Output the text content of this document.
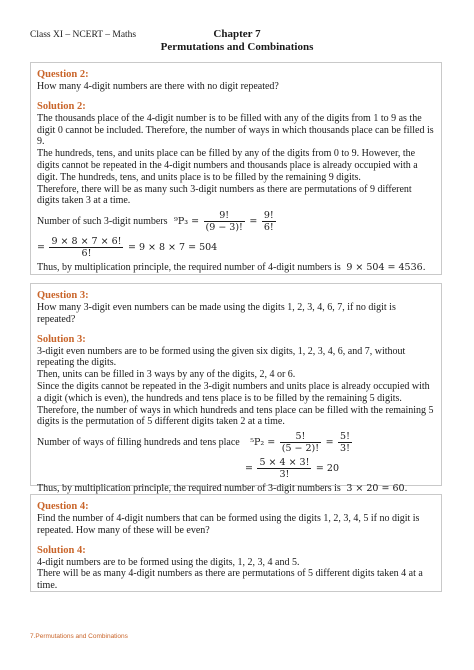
Class XI – NCERT – Maths	Chapter 7
Permutations and Combinations
Question 2:

How many 4-digit numbers are there with no digit repeated?

Solution 2:

The thousands place of the 4-digit number is to be filled with any of the digits from 1 to 9 as the digit 0 cannot be included. Therefore, the number of ways in which thousands place can be filled is 9.

The hundreds, tens, and units place can be filled by any of the digits from 0 to 9. However, the digits cannot be repeated in the 4-digit numbers and thousands place is already occupied with a digit. The hundreds, tens, and units place is to be filled by the remaining 9 digits.

Therefore, there will be as many such 3-digit numbers as there are permutations of 9 different digits taken 3 at a time.

Number of such 3-digit numbers $^9P_3 = \frac{9!}{(9 - 3)!} = \frac{9!}{6!}$
= $\frac{9 \times 8 \times 7 \times 6!}{6!} = 9 \times 8 \times 7 = 504$

Thus, by multiplication principle, the required number of 4-digit numbers is 9 × 504 = 4536.

Question 3:

How many 3-digit even numbers can be made using the digits 1, 2, 3, 4, 6, 7, if no digit is repeated?

Solution 3:

3-digit even numbers are to be formed using the given six digits, 1, 2, 3, 4, 6, and 7, without repeating the digits.

Then, units can be filled in 3 ways by any of the digits, 2, 4 or 6.

Since the digits cannot be repeated in the 3-digit numbers and units place is already occupied with a digit (which is even), the hundreds and tens place is to be filled by the remaining 5 digits.

Therefore, the number of ways in which hundreds and tens place can be filled with the remaining 5 digits is the permutation of 5 different digits taken 2 at a time.

Number of ways of filling hundreds and tens place $^5P_2 = \frac{5!}{(5 - 2)!} = \frac{5!}{3!}$
= $\frac{5 \times 4 \times 3!}{3!} = 20$

Thus, by multiplication principle, the required number of 3-digit numbers is 3 × 20 = 60.

Question 4:

Find the number of 4-digit numbers that can be formed using the digits 1, 2, 3, 4, 5 if no digit is repeated. How many of these will be even?

Solution 4:

4-digit numbers are to be formed using the digits, 1, 2, 3, 4 and 5.

There will be as many 4-digit numbers as there are permutations of 5 different digits taken 4 at a time.

7.Permutations and Combinations
